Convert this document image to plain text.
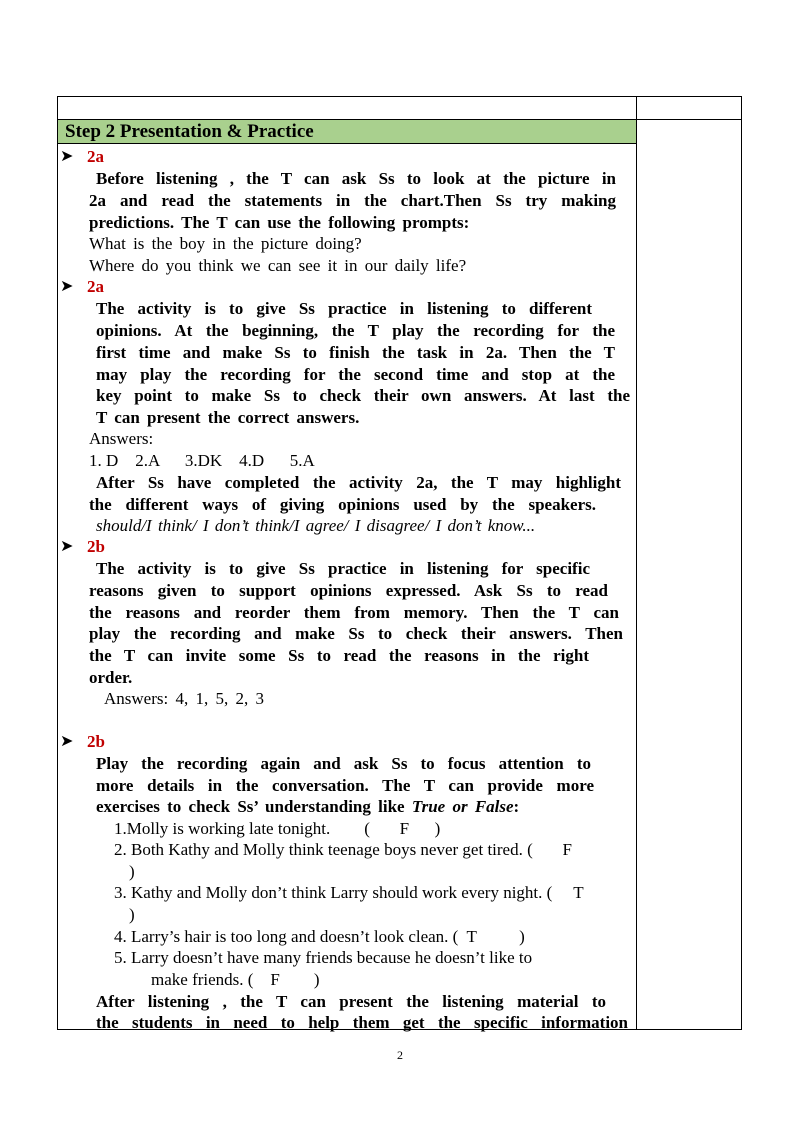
Step 2 Presentation & Practice
➤ 2a
Before listening , the T can ask Ss to look at the picture in
2a and read the statements in the chart.Then Ss try making
predictions. The T can use the following prompts:
What is the boy in the picture doing?
Where do you think we can see it in our daily life?
➤ 2a
The activity is to give Ss practice in listening to different
opinions. At the beginning, the T play the recording for the
first time and make Ss to finish the task in 2a. Then the T
may play the recording for the second time and stop at the
key point to make Ss to check their own answers. At last the
T can present the correct answers.
Answers:
1. D    2.A      3.DK    4.D      5.A
After Ss have completed the activity 2a, the T may highlight
the different ways of giving opinions used by the speakers.
should/I think/ I don’t think/I agree/ I disagree/ I don’t know...
➤ 2b
The activity is to give Ss practice in listening for specific
reasons given to support opinions expressed. Ask Ss to read
the reasons and reorder them from memory. Then the T can
play the recording and make Ss to check their answers. Then
the T can invite some Ss to read the reasons in the right
order.
Answers: 4, 1, 5, 2, 3
➤ 2b
Play the recording again and ask Ss to focus attention to
more details in the conversation. The T can provide more
exercises to check Ss’ understanding like True or False:
1.Molly is working late tonight.        (       F      )
2. Both Kathy and Molly think teenage boys never get tired. (       F
)
3. Kathy and Molly don’t think Larry should work every night. (     T
)
4. Larry’s hair is too long and doesn’t look clean. (  T          )
5. Larry doesn’t have many friends because he doesn’t like to
make friends. (    F        )
After listening , the T can present the listening material to
the students in need to help them get the specific information
2
